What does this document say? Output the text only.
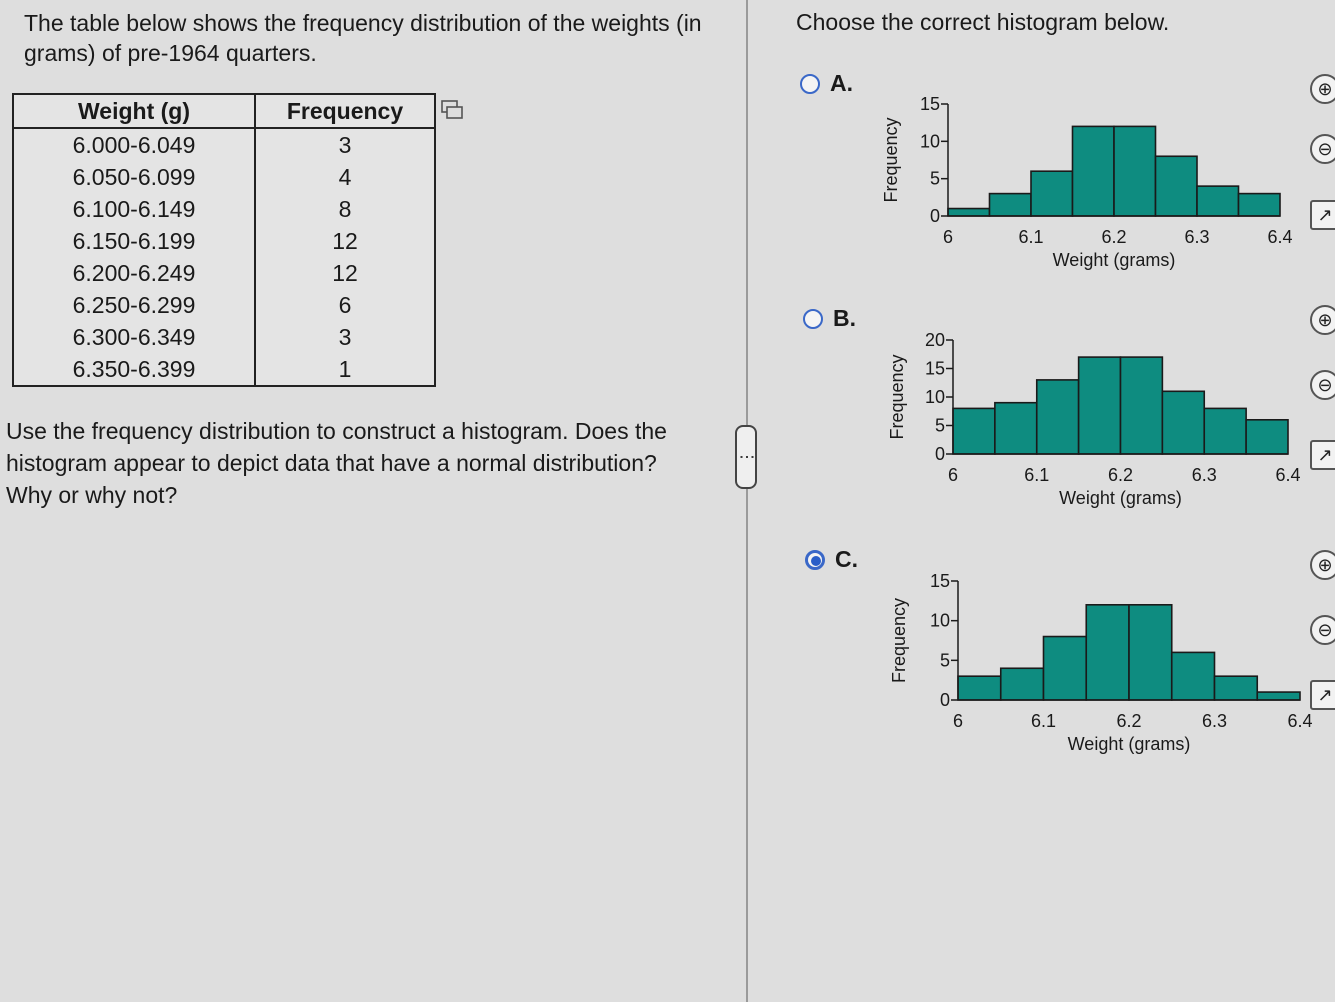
The table below shows the frequency distribution of the weights (in grams) of pre-1964 quarters.
Weight (g)	Frequency
6.000-6.049	3
6.050-6.099	4
6.100-6.149	8
6.150-6.199	12
6.200-6.249	12
6.250-6.299	6
6.300-6.349	3
6.350-6.399	1
Use the frequency distribution to construct a histogram. Does the histogram appear to depict data that have a normal distribution? Why or why not?
⋮
Choose the correct histogram below.
A.
B.
C.
0
5
10
15
6	6.1	6.2	6.3	6.4
Weight (grams)
Frequency
0
5
10
15
20
6	6.1	6.2	6.3	6.4
Weight (grams)
Frequency
0
5
10
15
6	6.1	6.2	6.3	6.4
Weight (grams)
Frequency
⊕
⊖
↗
⊕
⊖
↗
⊕
⊖
↗
